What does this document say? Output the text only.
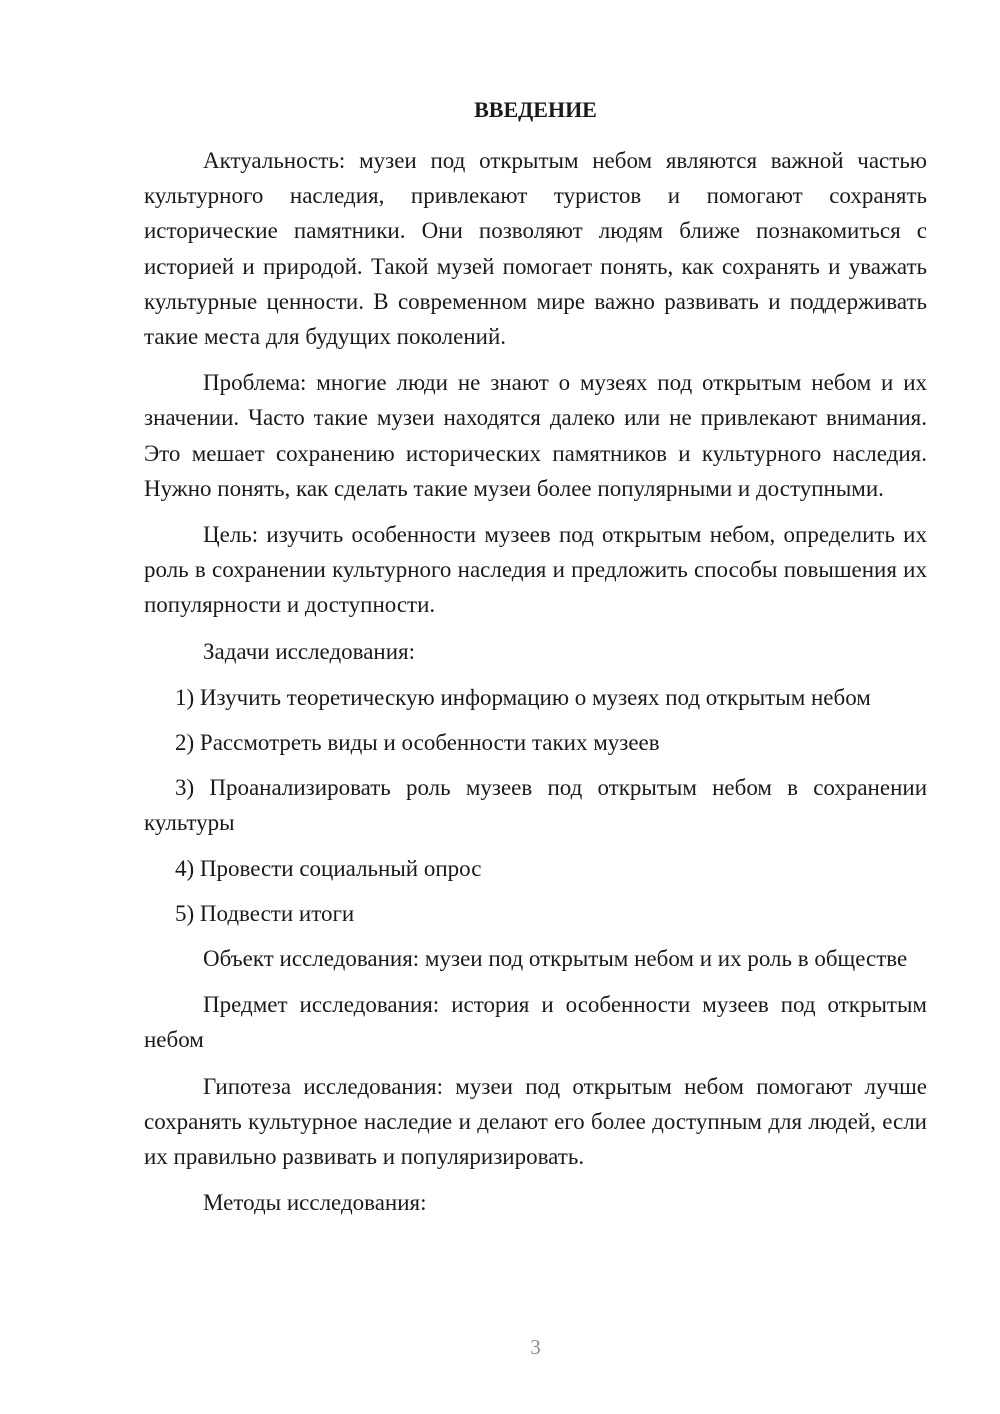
ВВЕДЕНИЕ

Актуальность: музеи под открытым небом являются важной частью культурного наследия, привлекают туристов и помогают сохранять исторические памятники. Они позволяют людям ближе познакомиться с историей и природой. Такой музей помогает понять, как сохранять и уважать культурные ценности. В современном мире важно развивать и поддерживать такие места для будущих поколений.

Проблема: многие люди не знают о музеях под открытым небом и их значении. Часто такие музеи находятся далеко или не привлекают внимания. Это мешает сохранению исторических памятников и культурного наследия. Нужно понять, как сделать такие музеи более популярными и доступными.

Цель: изучить особенности музеев под открытым небом, определить их роль в сохранении культурного наследия и предложить способы повышения их популярности и доступности.

Задачи исследования:

1) Изучить теоретическую информацию о музеях под открытым небом

2) Рассмотреть виды и особенности таких музеев

3) Проанализировать роль музеев под открытым небом в сохранении культуры

4) Провести социальный опрос

5) Подвести итоги

Объект исследования: музеи под открытым небом и их роль в обществе

Предмет исследования: история и особенности музеев под открытым небом

Гипотеза исследования: музеи под открытым небом помогают лучше сохранять культурное наследие и делают его более доступным для людей, если их правильно развивать и популяризировать.

Методы исследования:

3
